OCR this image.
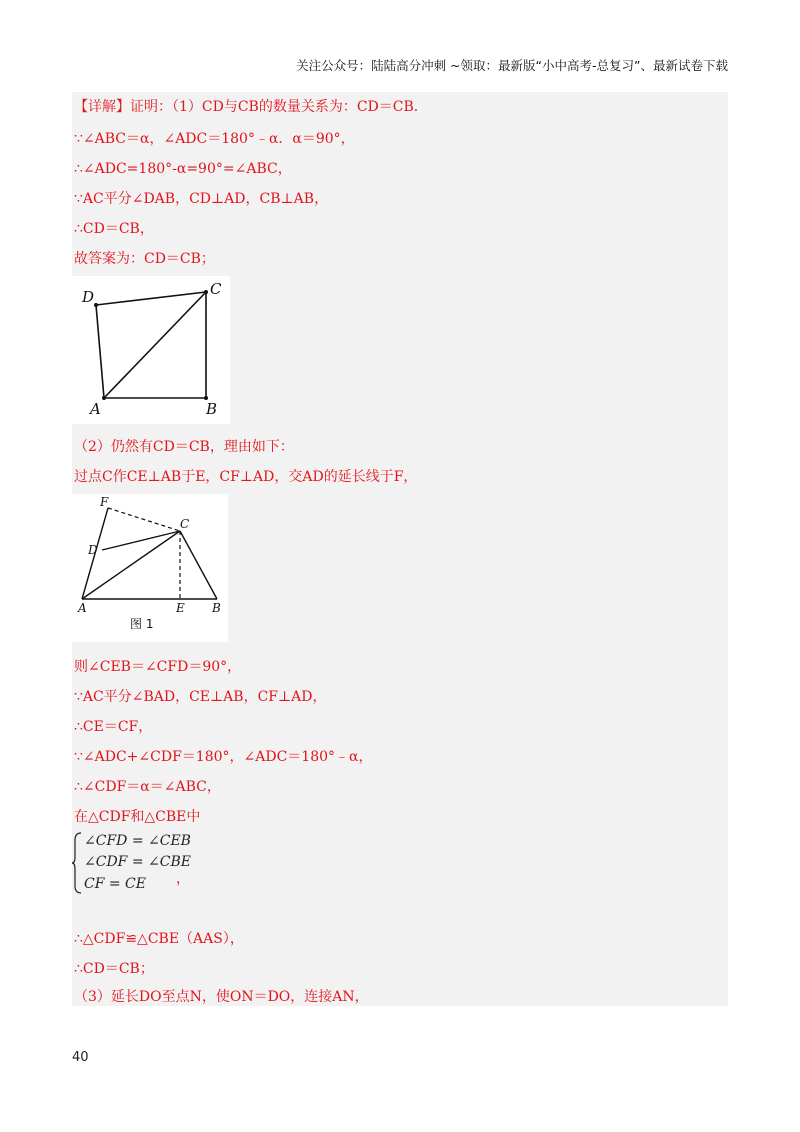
关注公众号：陆陆高分冲刺 ~领取：最新版“小中高考-总复习”、最新试卷下载
【详解】证明：（1）CD与CB的数量关系为：CD＝CB．
∵∠ABC＝α，∠ADC＝180°﹣α．α＝90°，
∴∠ADC=180°-α=90°=∠ABC，
∵AC平分∠DAB，CD⊥AD，CB⊥AB，
∴CD＝CB，
故答案为：CD＝CB；
D	C
A	B
（2）仍然有CD＝CB，理由如下：
过点C作CE⊥AB于E，CF⊥AD，交AD的延长线于F，
F
C
D
A	E B
图 1
则∠CEB＝∠CFD＝90°，
∵AC平分∠BAD，CE⊥AB，CF⊥AD，
∴CE＝CF，
∵∠ADC+∠CDF＝180°，∠ADC＝180°﹣α，
∴∠CDF＝α＝∠ABC，
在△CDF和△CBE中
∠CFD = ∠CEB
∠CDF = ∠CBE
CF = CE ，
∴△CDF≌△CBE（AAS），
∴CD＝CB；
（3）延长DO至点N，使ON＝DO，连接AN，
40
